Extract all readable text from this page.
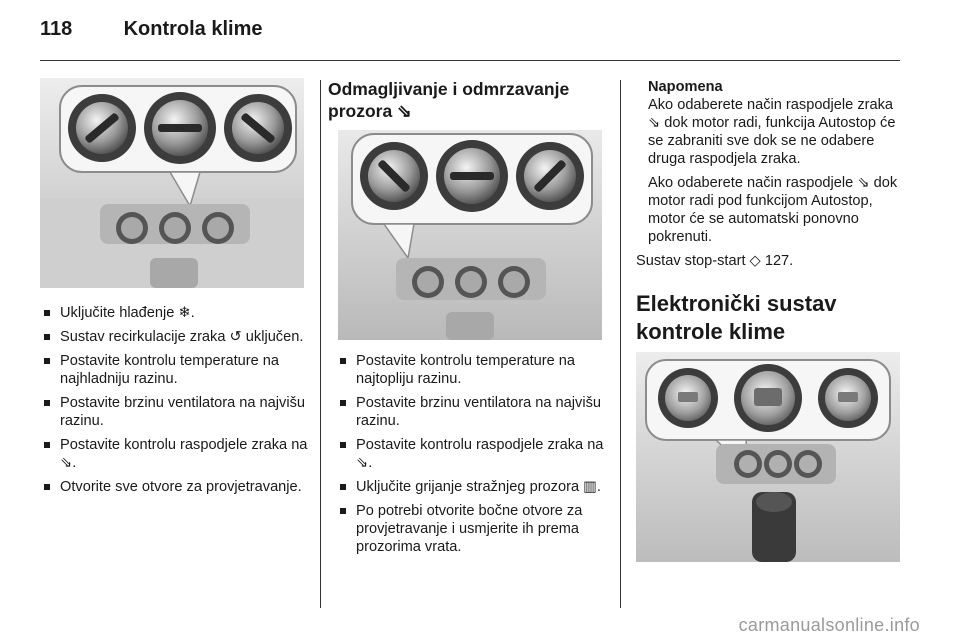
118	Kontrola klime
Uključite hlađenje ❄.
Sustav recirkulacije zraka ↺ uključen.
Postavite kontrolu temperature na najhladniju razinu.
Postavite brzinu ventilatora na najvišu razinu.
Postavite kontrolu raspodjele zraka na ⇘.
Otvorite sve otvore za provjetravanje.
Odmagljivanje i odmrzavanje
prozora ⇘
Postavite kontrolu temperature na najtopliju razinu.
Postavite brzinu ventilatora na najvišu razinu.
Postavite kontrolu raspodjele zraka na ⇘.
Uključite grijanje stražnjeg prozora ▥.
Po potrebi otvorite bočne otvore za provjetravanje i usmjerite ih prema prozorima vrata.
Napomena
Ako odaberete način raspodjele zraka ⇘ dok motor radi, funkcija Autostop će se zabraniti sve dok se ne odabere druga raspodjela zraka.
Ako odaberete način raspodjele ⇘ dok motor radi pod funkcijom Autostop, motor će se automatski ponovno pokrenuti.
Sustav stop-start ◇ 127.
Elektronički sustav
kontrole klime
carmanualsonline.info
